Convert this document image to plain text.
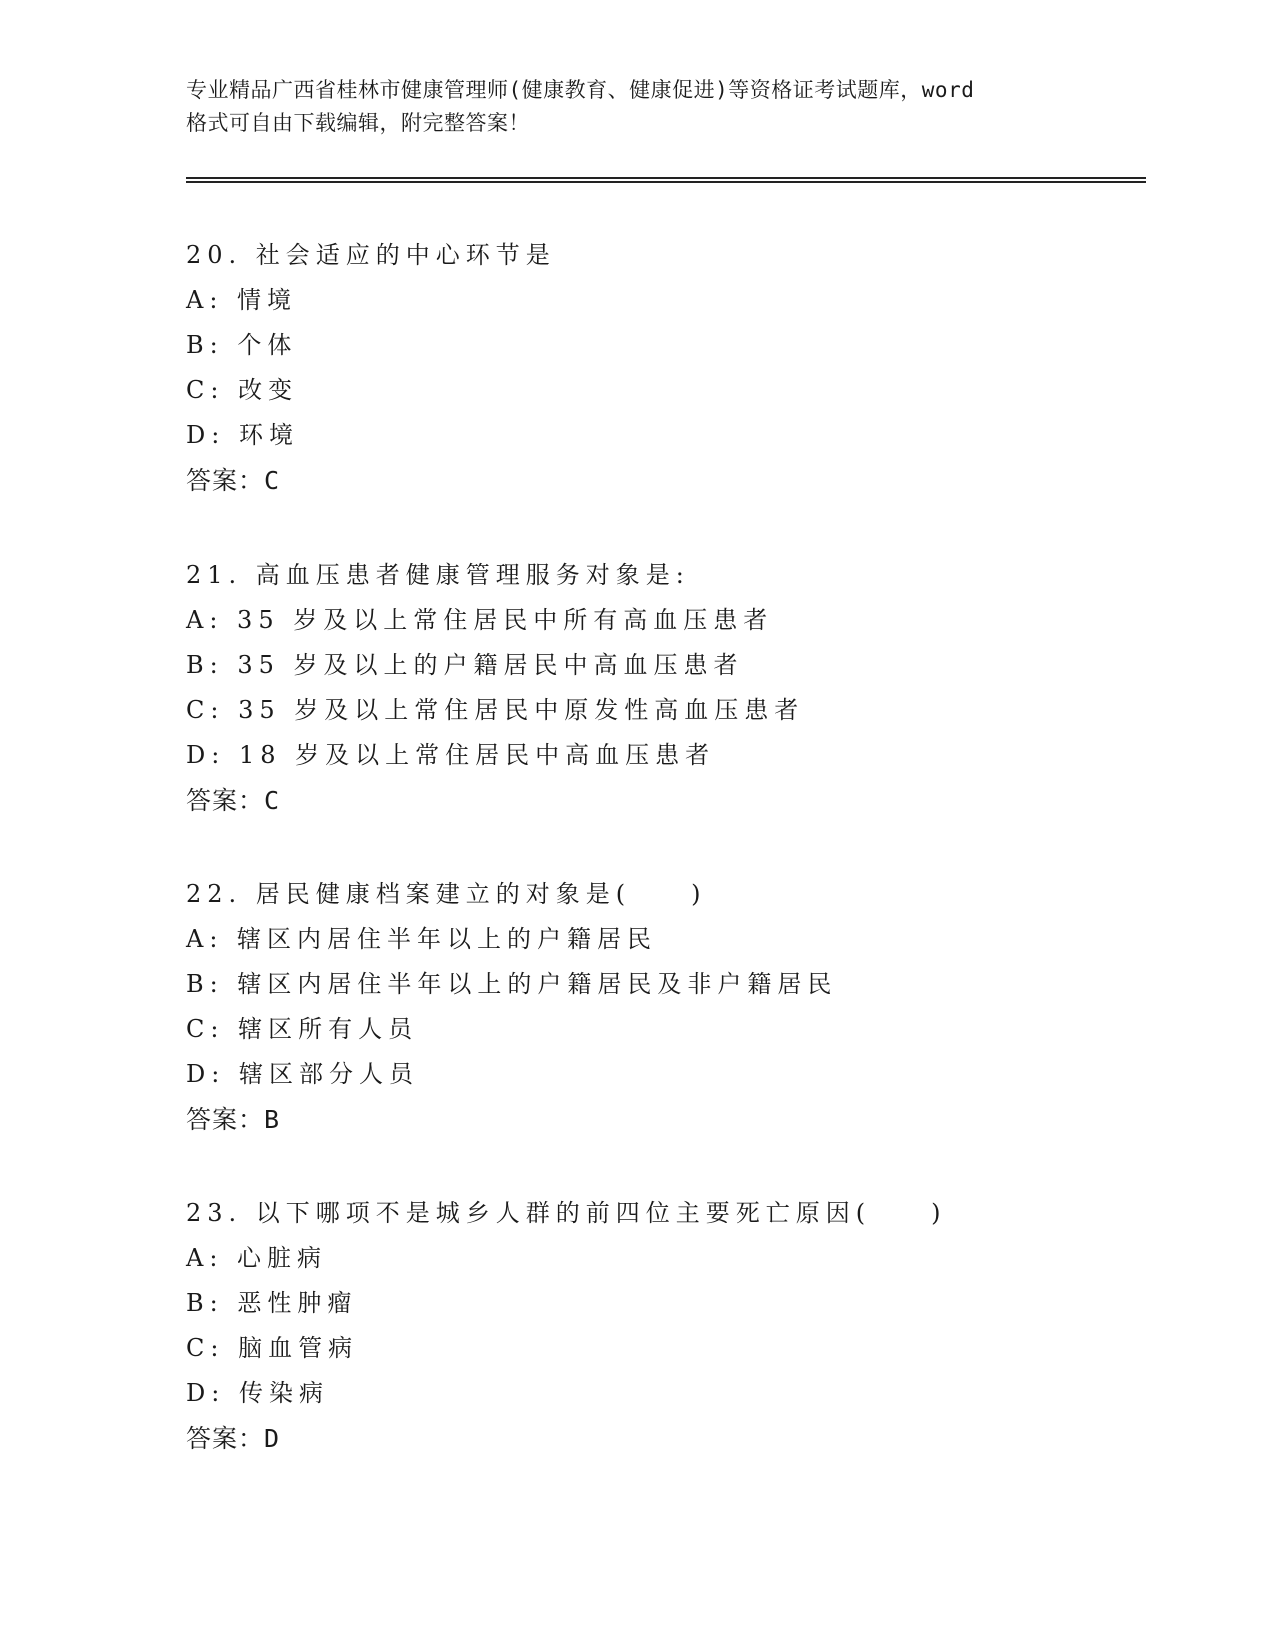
专业精品广西省桂林市健康管理师(健康教育、健康促进)等资格证考试题库，word
格式可自由下载编辑，附完整答案！
20. 社会适应的中心环节是
A: 情境
B: 个体
C: 改变
D: 环境
答案：C
21. 高血压患者健康管理服务对象是:
A: 35 岁及以上常住居民中所有高血压患者
B: 35 岁及以上的户籍居民中高血压患者
C: 35 岁及以上常住居民中原发性高血压患者
D: 18 岁及以上常住居民中高血压患者
答案：C
22. 居民健康档案建立的对象是(　　)
A: 辖区内居住半年以上的户籍居民
B: 辖区内居住半年以上的户籍居民及非户籍居民
C: 辖区所有人员
D: 辖区部分人员
答案：B
23. 以下哪项不是城乡人群的前四位主要死亡原因(　　)
A: 心脏病
B: 恶性肿瘤
C: 脑血管病
D: 传染病
答案：D
